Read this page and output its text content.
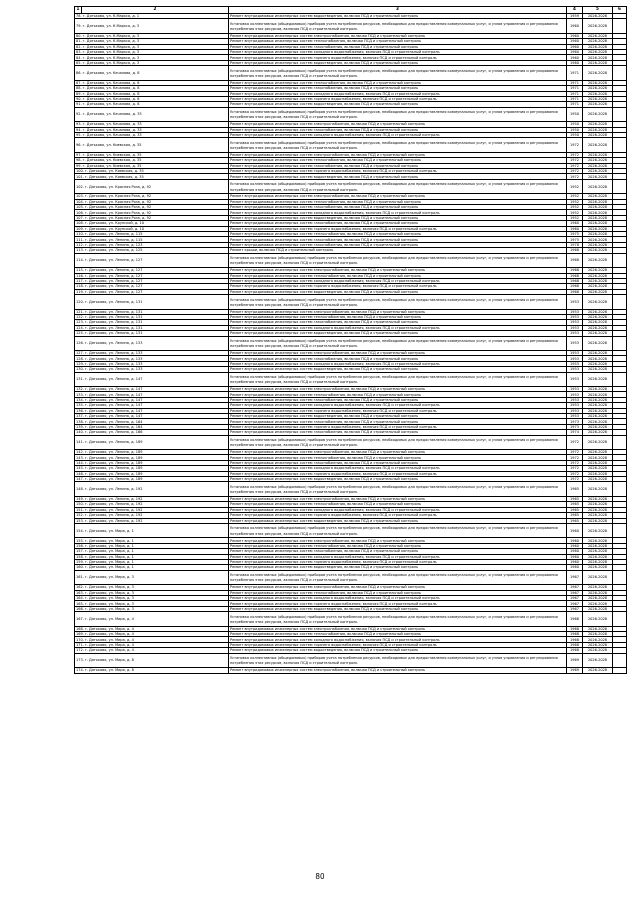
1	2	3	4	5	6	
78. г. Дятьково, ул. К.Маркса, д. 1		Ремонт внутридомовых инженерных систем водоотведения, включая ПСД и строительный контроль	1959	2026-2028		
79. г. Дятьково, ул. К.Маркса, д. 3		Установка коллективных (общедомовых) приборов учета потребления ресурсов, необходимых для предоставления коммунальных услуг, и узлов управления и регулирования потребления этих ресурсов, включая ПСД и строительный контроль	1960	2026-2028		
80. г. Дятьково, ул. К.Маркса, д. 3		Ремонт внутридомовых инженерных систем электроснабжения, включая ПСД и строительный контроль	1960	2026-2028		
81. г. Дятьково, ул. К.Маркса, д. 3		Ремонт внутридомовых инженерных систем теплоснабжения, включая ПСД и строительный контроль	1960	2026-2028		
82. г. Дятьково, ул. К.Маркса, д. 3		Ремонт внутридомовых инженерных систем газоснабжения, включая ПСД и строительный контроль	1960	2026-2028		
83. г. Дятьково, ул. К.Маркса, д. 3		Ремонт внутридомовых инженерных систем холодного водоснабжения, включая ПСД и строительный контроль	1960	2026-2028		
84. г. Дятьково, ул. К.Маркса, д. 3		Ремонт внутридомовых инженерных систем горячего водоснабжения, включая ПСД и строительный контроль	1960	2026-2028		
85. г. Дятьково, ул. К.Маркса, д. 3		Ремонт внутридомовых инженерных систем водоотведения, включая ПСД и строительный контроль	1960	2026-2028		
86. г. Дятьково, ул. Качалова, д. 8		Установка коллективных (общедомовых) приборов учета потребления ресурсов, необходимых для предоставления коммунальных услуг, и узлов управления и регулирования потребления этих ресурсов, включая ПСД и строительный контроль	1971	2026-2028		
87. г. Дятьково, ул. Качалова, д. 8		Ремонт внутридомовых инженерных систем теплоснабжения, включая ПСД и строительный контроль	1971	2026-2028		
88. г. Дятьково, ул. Качалова, д. 8		Ремонт внутридомовых инженерных систем газоснабжения, включая ПСД и строительный контроль	1971	2026-2028		
89. г. Дятьково, ул. Качалова, д. 8		Ремонт внутридомовых инженерных систем холодного водоснабжения, включая ПСД и строительный контроль	1971	2026-2028		
90. г. Дятьково, ул. Качалова, д. 8		Ремонт внутридомовых инженерных систем горячего водоснабжения, включая ПСД и строительный контроль	1971	2026-2028		
91. г. Дятьково, ул. Качалова, д. 8		Ремонт внутридомовых инженерных систем водоотведения, включая ПСД и строительный контроль	1971	2026-2028		
92. г. Дятьково, ул. Качалова, д. 33		Установка коллективных (общедомовых) приборов учета потребления ресурсов, необходимых для предоставления коммунальных услуг, и узлов управления и регулирования потребления этих ресурсов, включая ПСД и строительный контроль	1950	2026-2028		
93. г. Дятьково, ул. Качалова, д. 33		Ремонт внутридомовых инженерных систем электроснабжения, включая ПСД и строительный контроль	1950	2026-2028		
94. г. Дятьково, ул. Качалова, д. 33		Ремонт внутридомовых инженерных систем газоснабжения, включая ПСД и строительный контроль	1950	2026-2028		
95. г. Дятьково, ул. Качалова, д. 33		Ремонт внутридомовых инженерных систем холодного водоснабжения, включая ПСД и строительный контроль	1950	2026-2028		
96. г. Дятьково, ул. Киевская, д. 35		Установка коллективных (общедомовых) приборов учета потребления ресурсов, необходимых для предоставления коммунальных услуг, и узлов управления и регулирования потребления этих ресурсов, включая ПСД и строительный контроль	1972	2026-2028		
97. г. Дятьково, ул. Киевская, д. 35		Ремонт внутридомовых инженерных систем электроснабжения, включая ПСД и строительный контроль	1972	2026-2028		
98. г. Дятьково, ул. Киевская, д. 35		Ремонт внутридомовых инженерных систем теплоснабжения, включая ПСД и строительный контроль	1972	2026-2028		
99. г. Дятьково, ул. Киевская, д. 35		Ремонт внутридомовых инженерных систем газоснабжения, включая ПСД и строительный контроль	1972	2026-2028		
100. г. Дятьково, ул. Киевская, д. 35		Ремонт внутридомовых инженерных систем горячего водоснабжения, включая ПСД и строительный контроль	1972	2026-2028		
101. г. Дятьково, ул. Киевская, д. 35		Ремонт внутридомовых инженерных систем водоотведения, включая ПСД и строительный контроль	1972	2026-2028		
102. г. Дятьково, ул. Красная Роза, д. 92		Установка коллективных (общедомовых) приборов учета потребления ресурсов, необходимых для предоставления коммунальных услуг, и узлов управления и регулирования потребления этих ресурсов, включая ПСД и строительный контроль	1952	2026-2028		
103. г. Дятьково, ул. Красная Роза, д. 92		Ремонт внутридомовых инженерных систем электроснабжения, включая ПСД и строительный контроль	1952	2026-2028		
104. г. Дятьково, ул. Красная Роза, д. 92		Ремонт внутридомовых инженерных систем теплоснабжения, включая ПСД и строительный контроль	1952	2026-2028		
105. г. Дятьково, ул. Красная Роза, д. 92		Ремонт внутридомовых инженерных систем газоснабжения, включая ПСД и строительный контроль	1952	2026-2028		
106. г. Дятьково, ул. Красная Роза, д. 92		Ремонт внутридомовых инженерных систем холодного водоснабжения, включая ПСД и строительный контроль	1952	2026-2028		
107. г. Дятьково, ул. Красная Роза, д. 92		Ремонт внутридомовых инженерных систем водоотведения, включая ПСД и строительный контроль	1952	2026-2028		
108. г. Дятьково, ул. Крупской, д. 10		Ремонт внутридомовых инженерных систем газоснабжения, включая ПСД и строительный контроль	1960	2026-2028		
109. г. Дятьково, ул. Крупской, д. 10		Ремонт внутридомовых инженерных систем горячего водоснабжения, включая ПСД и строительный контроль	1960	2026-2028		
110. г. Дятьково, ул. Ленина, д. 115		Ремонт внутридомовых инженерных систем теплоснабжения, включая ПСД и строительный контроль	1975	2026-2028		
111. г. Дятьково, ул. Ленина, д. 115		Ремонт внутридомовых инженерных систем газоснабжения, включая ПСД и строительный контроль	1975	2026-2028		
112. г. Дятьково, ул. Ленина, д. 123		Ремонт внутридомовых инженерных систем газоснабжения, включая ПСД и строительный контроль	1978	2026-2028		
113. г. Дятьково, ул. Ленина, д. 125		Ремонт крыши, включая ПСД и строительный контроль	1968	2026-2028		
114. г. Дятьково, ул. Ленина, д. 127		Установка коллективных (общедомовых) приборов учета потребления ресурсов, необходимых для предоставления коммунальных услуг, и узлов управления и регулирования потребления этих ресурсов, включая ПСД и строительный контроль	1968	2026-2028		
115. г. Дятьково, ул. Ленина, д. 127		Ремонт внутридомовых инженерных систем электроснабжения, включая ПСД и строительный контроль	1968	2026-2028		
116. г. Дятьково, ул. Ленина, д. 127		Ремонт внутридомовых инженерных систем теплоснабжения, включая ПСД и строительный контроль	1968	2026-2028		
117. г. Дятьково, ул. Ленина, д. 127		Ремонт внутридомовых инженерных систем холодного водоснабжения, включая ПСД и строительный контроль	1968	2026-2028		
118. г. Дятьково, ул. Ленина, д. 127		Ремонт внутридомовых инженерных систем горячего водоснабжения, включая ПСД и строительный контроль	1968	2026-2028		
119. г. Дятьково, ул. Ленина, д. 127		Ремонт внутридомовых инженерных систем водоотведения, включая ПСД и строительный контроль	1968	2026-2028		
120. г. Дятьково, ул. Ленина, д. 131		Установка коллективных (общедомовых) приборов учета потребления ресурсов, необходимых для предоставления коммунальных услуг, и узлов управления и регулирования потребления этих ресурсов, включая ПСД и строительный контроль	1953	2026-2028		
121. г. Дятьково, ул. Ленина, д. 131		Ремонт внутридомовых инженерных систем электроснабжения, включая ПСД и строительный контроль	1953	2026-2028		
122. г. Дятьково, ул. Ленина, д. 131		Ремонт внутридомовых инженерных систем теплоснабжения, включая ПСД и строительный контроль	1953	2026-2028		
123. г. Дятьково, ул. Ленина, д. 131		Ремонт внутридомовых инженерных систем газоснабжения, включая ПСД и строительный контроль	1953	2026-2028		
124. г. Дятьково, ул. Ленина, д. 131		Ремонт внутридомовых инженерных систем холодного водоснабжения, включая ПСД и строительный контроль	1953	2026-2028		
125. г. Дятьково, ул. Ленина, д. 131		Ремонт внутридомовых инженерных систем водоотведения, включая ПСД и строительный контроль	1953	2026-2028		
126. г. Дятьково, ул. Ленина, д. 133		Установка коллективных (общедомовых) приборов учета потребления ресурсов, необходимых для предоставления коммунальных услуг, и узлов управления и регулирования потребления этих ресурсов, включая ПСД и строительный контроль	1953	2026-2028		
127. г. Дятьково, ул. Ленина, д. 133		Ремонт внутридомовых инженерных систем электроснабжения, включая ПСД и строительный контроль	1953	2026-2028		
128. г. Дятьково, ул. Ленина, д. 133		Ремонт внутридомовых инженерных систем газоснабжения, включая ПСД и строительный контроль	1953	2026-2028		
129. г. Дятьково, ул. Ленина, д. 133		Ремонт внутридомовых инженерных систем холодного водоснабжения, включая ПСД и строительный контроль	1953	2026-2028		
130. г. Дятьково, ул. Ленина, д. 133		Ремонт внутридомовых инженерных систем водоотведения, включая ПСД и строительный контроль	1953	2026-2028		
131. г. Дятьково, ул. Ленина, д. 147		Установка коллективных (общедомовых) приборов учета потребления ресурсов, необходимых для предоставления коммунальных услуг, и узлов управления и регулирования потребления этих ресурсов, включая ПСД и строительный контроль	1953	2026-2028		
132. г. Дятьково, ул. Ленина, д. 147		Ремонт внутридомовых инженерных систем электроснабжения, включая ПСД и строительный контроль	1953	2026-2028		
133. г. Дятьково, ул. Ленина, д. 147		Ремонт внутридомовых инженерных систем теплоснабжения, включая ПСД и строительный контроль	1953	2026-2028		
134. г. Дятьково, ул. Ленина, д. 147		Ремонт внутридомовых инженерных систем газоснабжения, включая ПСД и строительный контроль	1953	2026-2028		
135. г. Дятьково, ул. Ленина, д. 147		Ремонт внутридомовых инженерных систем холодного водоснабжения, включая ПСД и строительный контроль	1953	2026-2028		
136. г. Дятьково, ул. Ленина, д. 147		Ремонт внутридомовых инженерных систем горячего водоснабжения, включая ПСД и строительный контроль	1953	2026-2028		
137. г. Дятьково, ул. Ленина, д. 147		Ремонт внутридомовых инженерных систем водоотведения, включая ПСД и строительный контроль	1953	2026-2028		
138. г. Дятьково, ул. Ленина, д. 164		Ремонт внутридомовых инженерных систем газоснабжения, включая ПСД и строительный контроль	1973	2026-2028		
139. г. Дятьково, ул. Ленина, д. 164		Ремонт внутридомовых инженерных систем горячего водоснабжения, включая ПСД и строительный контроль	1973	2026-2028		
140. г. Дятьково, ул. Ленина, д. 166		Ремонт внутридомовых инженерных систем газоснабжения, включая ПСД и строительный контроль	1974	2026-2028		
141. г. Дятьково, ул. Ленина, д. 189		Установка коллективных (общедомовых) приборов учета потребления ресурсов, необходимых для предоставления коммунальных услуг, и узлов управления и регулирования потребления этих ресурсов, включая ПСД и строительный контроль	1972	2026-2028		
142. г. Дятьково, ул. Ленина, д. 189		Ремонт внутридомовых инженерных систем электроснабжения, включая ПСД и строительный контроль	1972	2026-2028		
143. г. Дятьково, ул. Ленина, д. 189		Ремонт внутридомовых инженерных систем теплоснабжения, включая ПСД и строительный контроль	1972	2026-2028		
144. г. Дятьково, ул. Ленина, д. 189		Ремонт внутридомовых инженерных систем газоснабжения, включая ПСД и строительный контроль	1972	2026-2028		
145. г. Дятьково, ул. Ленина, д. 189		Ремонт внутридомовых инженерных систем холодного водоснабжения, включая ПСД и строительный контроль	1972	2026-2028		
146. г. Дятьково, ул. Ленина, д. 189		Ремонт внутридомовых инженерных систем горячего водоснабжения, включая ПСД и строительный контроль	1972	2026-2028		
147. г. Дятьково, ул. Ленина, д. 189		Ремонт внутридомовых инженерных систем водоотведения, включая ПСД и строительный контроль	1972	2026-2028		
148. г. Дятьково, ул. Ленина, д. 192		Установка коллективных (общедомовых) приборов учета потребления ресурсов, необходимых для предоставления коммунальных услуг, и узлов управления и регулирования потребления этих ресурсов, включая ПСД и строительный контроль	1965	2026-2028		
149. г. Дятьково, ул. Ленина, д. 192		Ремонт внутридомовых инженерных систем электроснабжения, включая ПСД и строительный контроль	1965	2026-2028		
150. г. Дятьково, ул. Ленина, д. 192		Ремонт внутридомовых инженерных систем теплоснабжения, включая ПСД и строительный контроль	1965	2026-2028		
151. г. Дятьково, ул. Ленина, д. 192		Ремонт внутридомовых инженерных систем холодного водоснабжения, включая ПСД и строительный контроль	1965	2026-2028		
152. г. Дятьково, ул. Ленина, д. 192		Ремонт внутридомовых инженерных систем горячего водоснабжения, включая ПСД и строительный контроль	1965	2026-2028		
153. г. Дятьково, ул. Ленина, д. 192		Ремонт внутридомовых инженерных систем водоотведения, включая ПСД и строительный контроль	1965	2026-2028		
154. г. Дятьково, ул. Мира, д. 1		Установка коллективных (общедомовых) приборов учета потребления ресурсов, необходимых для предоставления коммунальных услуг, и узлов управления и регулирования потребления этих ресурсов, включая ПСД и строительный контроль	1960	2026-2028		
155. г. Дятьково, ул. Мира, д. 1		Ремонт внутридомовых инженерных систем электроснабжения, включая ПСД и строительный контроль	1960	2026-2028		
156. г. Дятьково, ул. Мира, д. 1		Ремонт внутридомовых инженерных систем теплоснабжения, включая ПСД и строительный контроль	1960	2026-2028		
157. г. Дятьково, ул. Мира, д. 1		Ремонт внутридомовых инженерных систем газоснабжения, включая ПСД и строительный контроль	1960	2026-2028		
158. г. Дятьково, ул. Мира, д. 1		Ремонт внутридомовых инженерных систем холодного водоснабжения, включая ПСД и строительный контроль	1960	2026-2028		
159. г. Дятьково, ул. Мира, д. 1		Ремонт внутридомовых инженерных систем горячего водоснабжения, включая ПСД и строительный контроль	1960	2026-2028		
160. г. Дятьково, ул. Мира, д. 1		Ремонт внутридомовых инженерных систем водоотведения, включая ПСД и строительный контроль	1960	2026-2028		
161. г. Дятьково, ул. Мира, д. 3		Установка коллективных (общедомовых) приборов учета потребления ресурсов, необходимых для предоставления коммунальных услуг, и узлов управления и регулирования потребления этих ресурсов, включая ПСД и строительный контроль	1967	2026-2028		
162. г. Дятьково, ул. Мира, д. 3		Ремонт внутридомовых инженерных систем электроснабжения, включая ПСД и строительный контроль	1967	2026-2028		
163. г. Дятьково, ул. Мира, д. 3		Ремонт внутридомовых инженерных систем теплоснабжения, включая ПСД и строительный контроль	1967	2026-2028		
164. г. Дятьково, ул. Мира, д. 3		Ремонт внутридомовых инженерных систем холодного водоснабжения, включая ПСД и строительный контроль	1967	2026-2028		
165. г. Дятьково, ул. Мира, д. 3		Ремонт внутридомовых инженерных систем горячего водоснабжения, включая ПСД и строительный контроль	1967	2026-2028		
166. г. Дятьково, ул. Мира, д. 3		Ремонт внутридомовых инженерных систем водоотведения, включая ПСД и строительный контроль	1967	2026-2028		
167. г. Дятьково, ул. Мира, д. 4		Установка коллективных (общедомовых) приборов учета потребления ресурсов, необходимых для предоставления коммунальных услуг, и узлов управления и регулирования потребления этих ресурсов, включая ПСД и строительный контроль	1968	2026-2028		
168. г. Дятьково, ул. Мира, д. 4		Ремонт внутридомовых инженерных систем электроснабжения, включая ПСД и строительный контроль	1968	2026-2028		
169. г. Дятьково, ул. Мира, д. 4		Ремонт внутридомовых инженерных систем теплоснабжения, включая ПСД и строительный контроль	1968	2026-2028		
170. г. Дятьково, ул. Мира, д. 4		Ремонт внутридомовых инженерных систем холодного водоснабжения, включая ПСД и строительный контроль	1968	2026-2028		
171. г. Дятьково, ул. Мира, д. 4		Ремонт внутридомовых инженерных систем горячего водоснабжения, включая ПСД и строительный контроль	1968	2026-2028		
172. г. Дятьково, ул. Мира, д. 4		Ремонт внутридомовых инженерных систем водоотведения, включая ПСД и строительный контроль	1968	2026-2028		
173. г. Дятьково, ул. Мира, д. 8		Установка коллективных (общедомовых) приборов учета потребления ресурсов, необходимых для предоставления коммунальных услуг, и узлов управления и регулирования потребления этих ресурсов, включая ПСД и строительный контроль	1969	2026-2028		
174. г. Дятьково, ул. Мира, д. 8		Ремонт внутридомовых инженерных систем электроснабжения, включая ПСД и строительный контроль	1969	2026-2028		
80
